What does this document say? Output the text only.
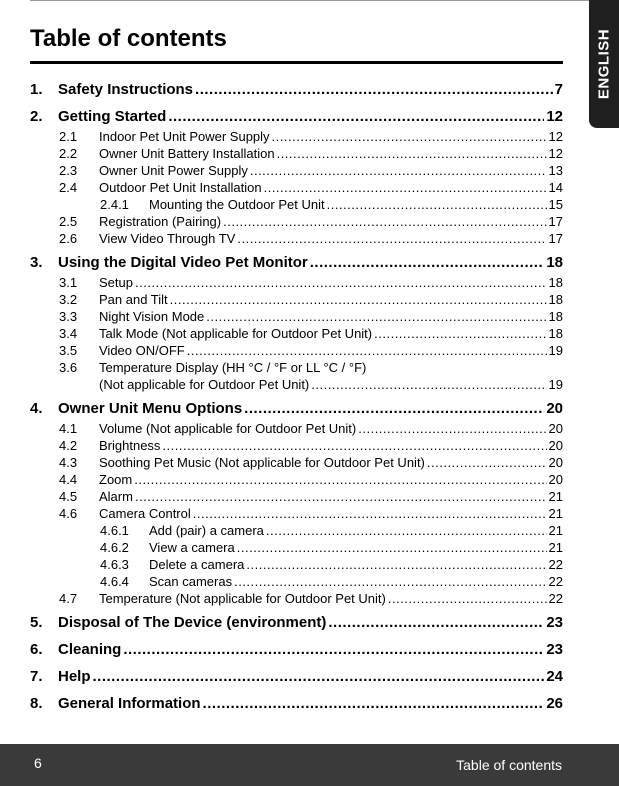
ENGLISH
Table of contents
1.	Safety Instructions .....	7
2.	Getting Started .....	12
2.1	Indoor Pet Unit Power Supply .....	12
2.2	Owner Unit Battery Installation .....	12
2.3	Owner Unit Power Supply .....	13
2.4	Outdoor Pet Unit Installation .....	14
2.4.1	Mounting the Outdoor Pet Unit .....	15
2.5	Registration (Pairing) .....	17
2.6	View Video Through TV .....	17
3.	Using the Digital Video Pet Monitor .....	18
3.1	Setup .....	18
3.2	Pan and Tilt .....	18
3.3	Night Vision Mode .....	18
3.4	Talk Mode (Not applicable for Outdoor Pet Unit) .....	18
3.5	Video ON/OFF .....	19
3.6	Temperature Display (HH °C / °F or LL °C / °F)
(Not applicable for Outdoor Pet Unit) .....	19
4.	Owner Unit Menu Options .....	20
4.1	Volume (Not applicable for Outdoor Pet Unit) .....	20
4.2	Brightness .....	20
4.3	Soothing Pet Music (Not applicable for Outdoor Pet Unit) .....	20
4.4	Zoom .....	20
4.5	Alarm .....	21
4.6	Camera Control .....	21
4.6.1	Add (pair) a camera .....	21
4.6.2	View a camera .....	21
4.6.3	Delete a camera .....	22
4.6.4	Scan cameras .....	22
4.7	Temperature (Not applicable for Outdoor Pet Unit) .....	22
5.	Disposal of The Device (environment) .....	23
6.	Cleaning .....	23
7.	Help .....	24
8.	General Information .....	26
6	Table of contents
